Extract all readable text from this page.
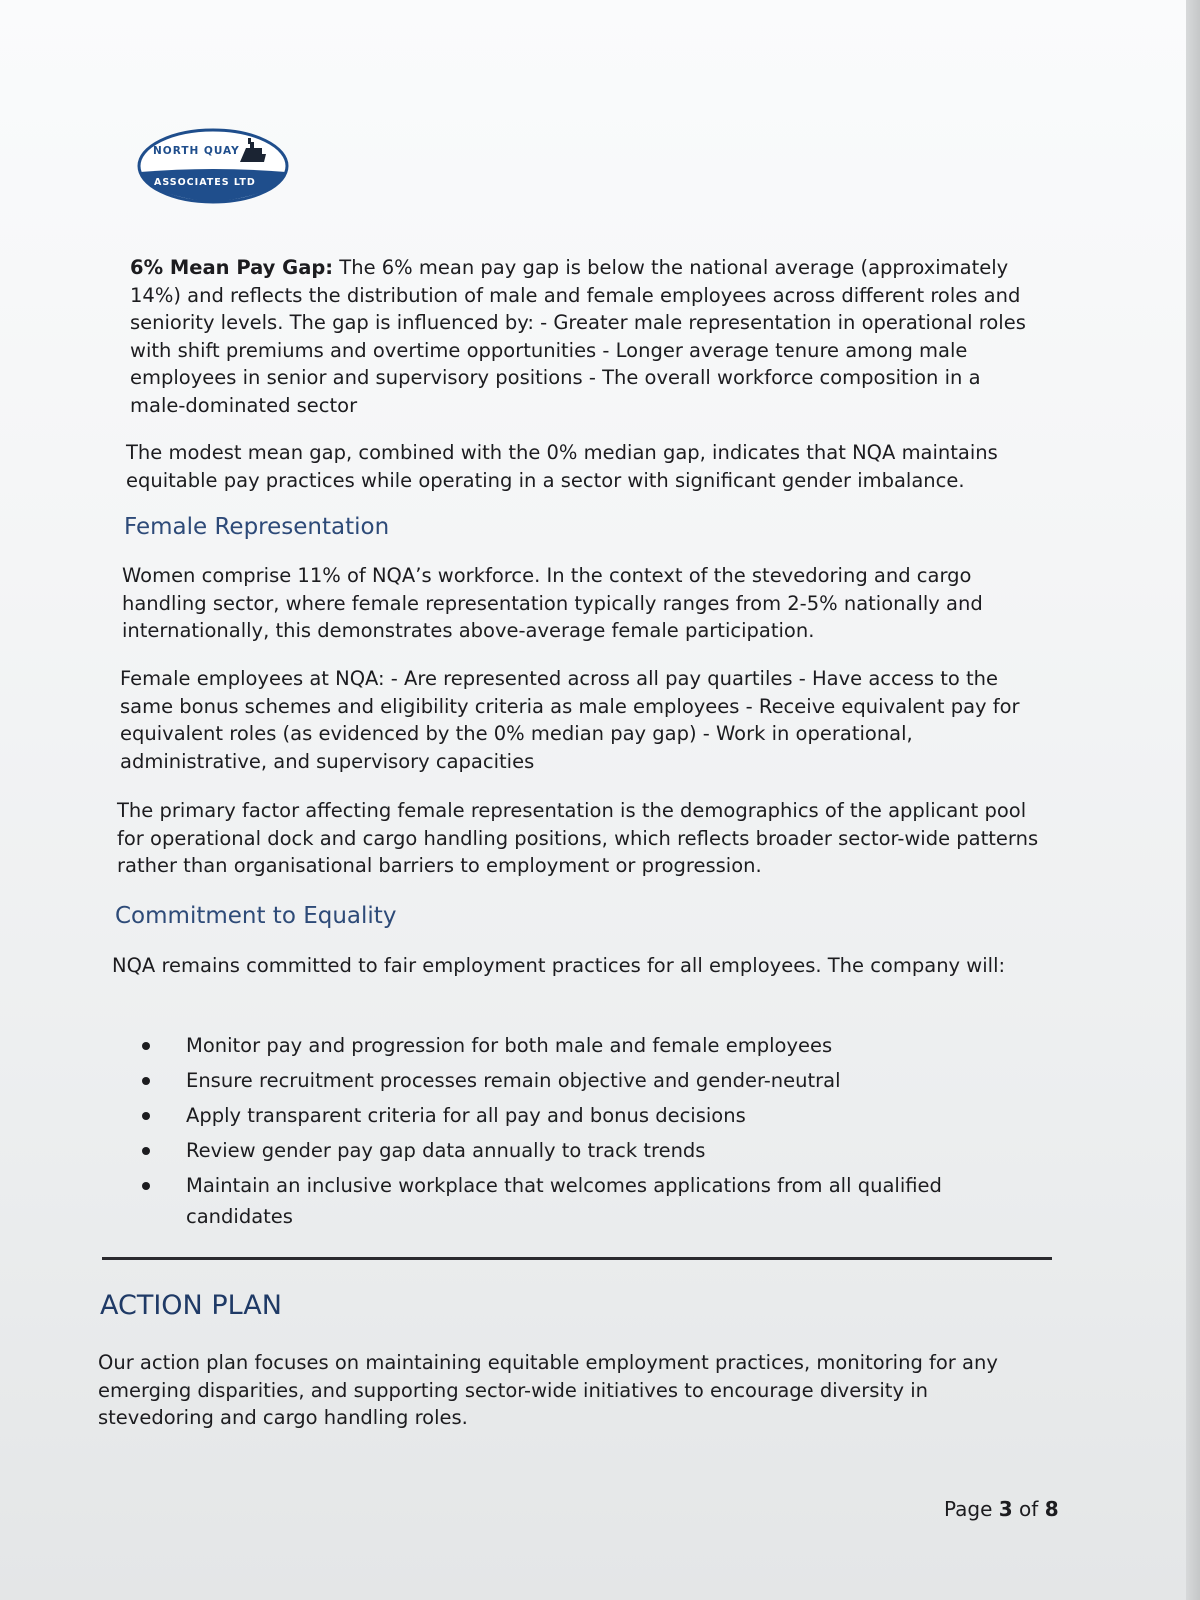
NORTH QUAY
ASSOCIATES LTD

6% Mean Pay Gap: The 6% mean pay gap is below the national average (approximately 14%) and reflects the distribution of male and female employees across different roles and seniority levels. The gap is influenced by: - Greater male representation in operational roles with shift premiums and overtime opportunities - Longer average tenure among male employees in senior and supervisory positions - The overall workforce composition in a male-dominated sector

The modest mean gap, combined with the 0% median gap, indicates that NQA maintains equitable pay practices while operating in a sector with significant gender imbalance.

Female Representation

Women comprise 11% of NQA’s workforce. In the context of the stevedoring and cargo handling sector, where female representation typically ranges from 2-5% nationally and internationally, this demonstrates above-average female participation.

Female employees at NQA: - Are represented across all pay quartiles - Have access to the same bonus schemes and eligibility criteria as male employees - Receive equivalent pay for equivalent roles (as evidenced by the 0% median pay gap) - Work in operational, administrative, and supervisory capacities

The primary factor affecting female representation is the demographics of the applicant pool for operational dock and cargo handling positions, which reflects broader sector-wide patterns rather than organisational barriers to employment or progression.

Commitment to Equality

NQA remains committed to fair employment practices for all employees. The company will:

Monitor pay and progression for both male and female employees
Ensure recruitment processes remain objective and gender-neutral
Apply transparent criteria for all pay and bonus decisions
Review gender pay gap data annually to track trends
Maintain an inclusive workplace that welcomes applications from all qualified candidates
ACTION PLAN

Our action plan focuses on maintaining equitable employment practices, monitoring for any emerging disparities, and supporting sector-wide initiatives to encourage diversity in stevedoring and cargo handling roles.

Page 3 of 8
